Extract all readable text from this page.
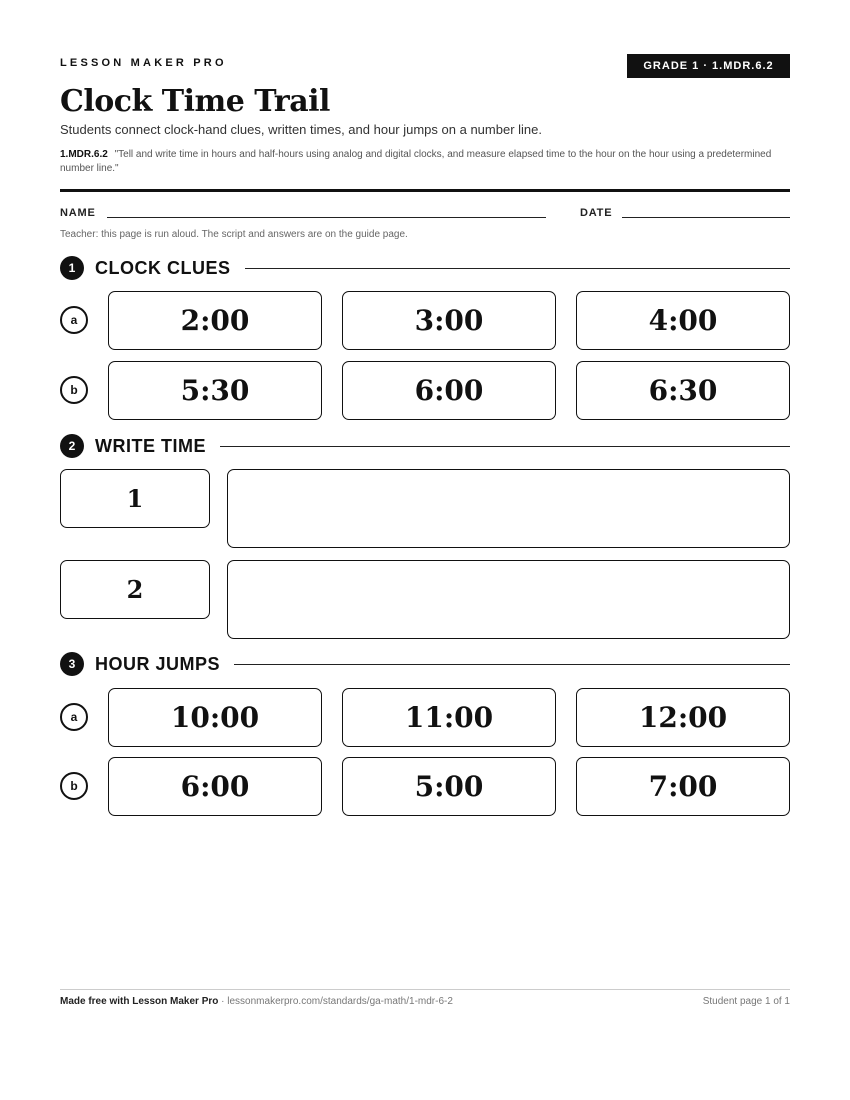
LESSON MAKER PRO	GRADE 1 · 1.MDR.6.2
Clock Time Trail

Students connect clock-hand clues, written times, and hour jumps on a number line.

1.MDR.6.2 "Tell and write time in hours and half-hours using analog and digital clocks, and measure elapsed time to the hour on the hour using a predetermined number line."

NAME	DATE
Teacher: this page is run aloud. The script and answers are on the guide page.
1	CLOCK CLUES
a	2:00	3:00	4:00
b	5:30	6:00	6:30
2	WRITE TIME
1
2
3	HOUR JUMPS
a	10:00	11:00	12:00
b	6:00	5:00	7:00
Made free with Lesson Maker Pro · lessonmakerpro.com/standards/ga-math/1-mdr-6-2	Student page 1 of 1
